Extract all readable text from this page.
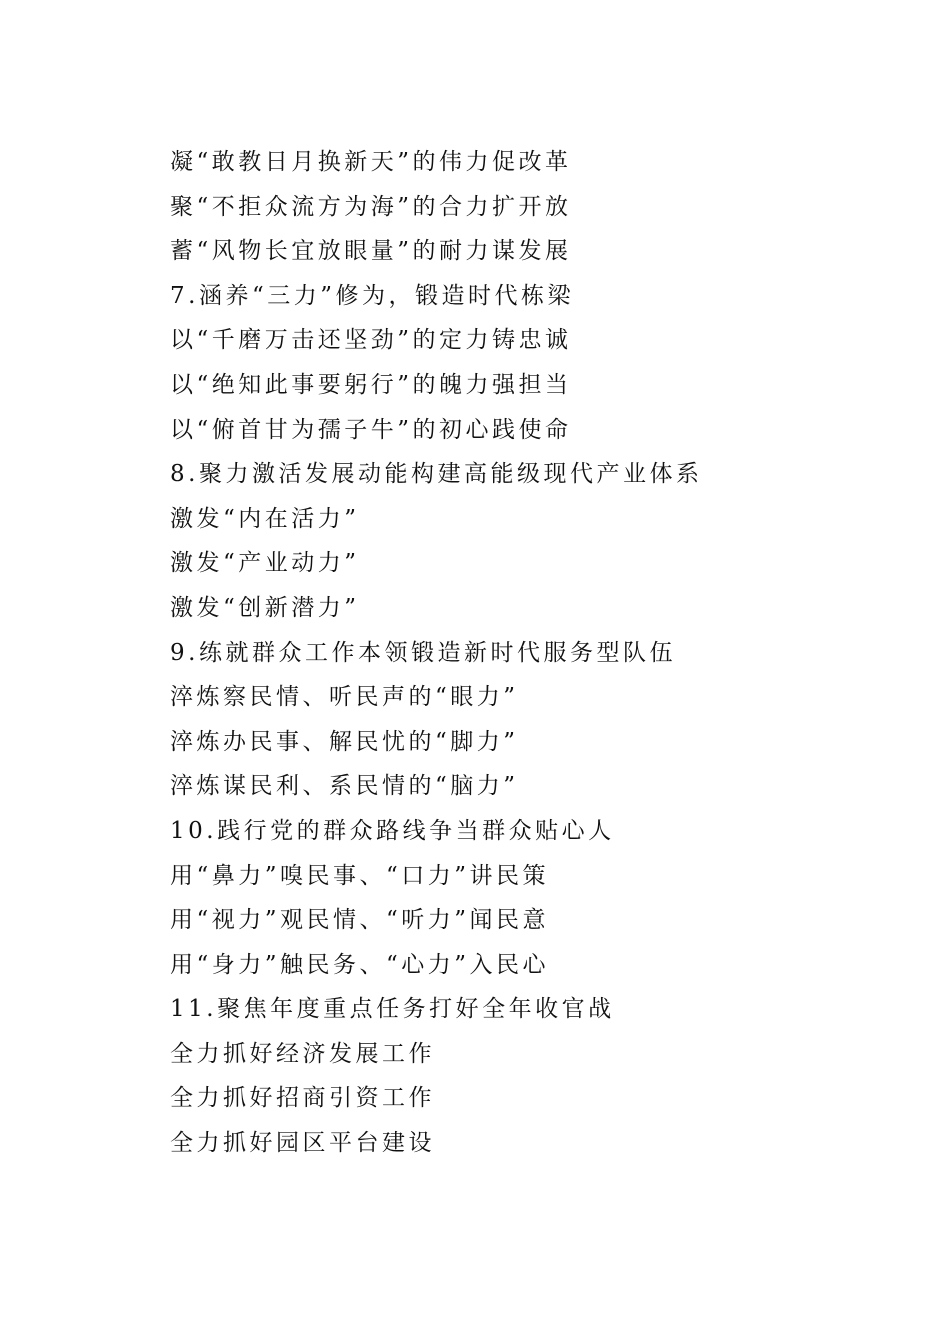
凝“敢教日月换新天”的伟力促改革
聚“不拒众流方为海”的合力扩开放
蓄“风物长宜放眼量”的耐力谋发展
7.涵养“三力”修为，锻造时代栋梁
以“千磨万击还坚劲”的定力铸忠诚
以“绝知此事要躬行”的魄力强担当
以“俯首甘为孺子牛”的初心践使命
8.聚力激活发展动能构建高能级现代产业体系
激发“内在活力”
激发“产业动力”
激发“创新潜力”
9.练就群众工作本领锻造新时代服务型队伍
淬炼察民情、听民声的“眼力”
淬炼办民事、解民忧的“脚力”
淬炼谋民利、系民情的“脑力”
10.践行党的群众路线争当群众贴心人
用“鼻力”嗅民事、“口力”讲民策
用“视力”观民情、“听力”闻民意
用“身力”触民务、“心力”入民心
11.聚焦年度重点任务打好全年收官战
全力抓好经济发展工作
全力抓好招商引资工作
全力抓好园区平台建设
